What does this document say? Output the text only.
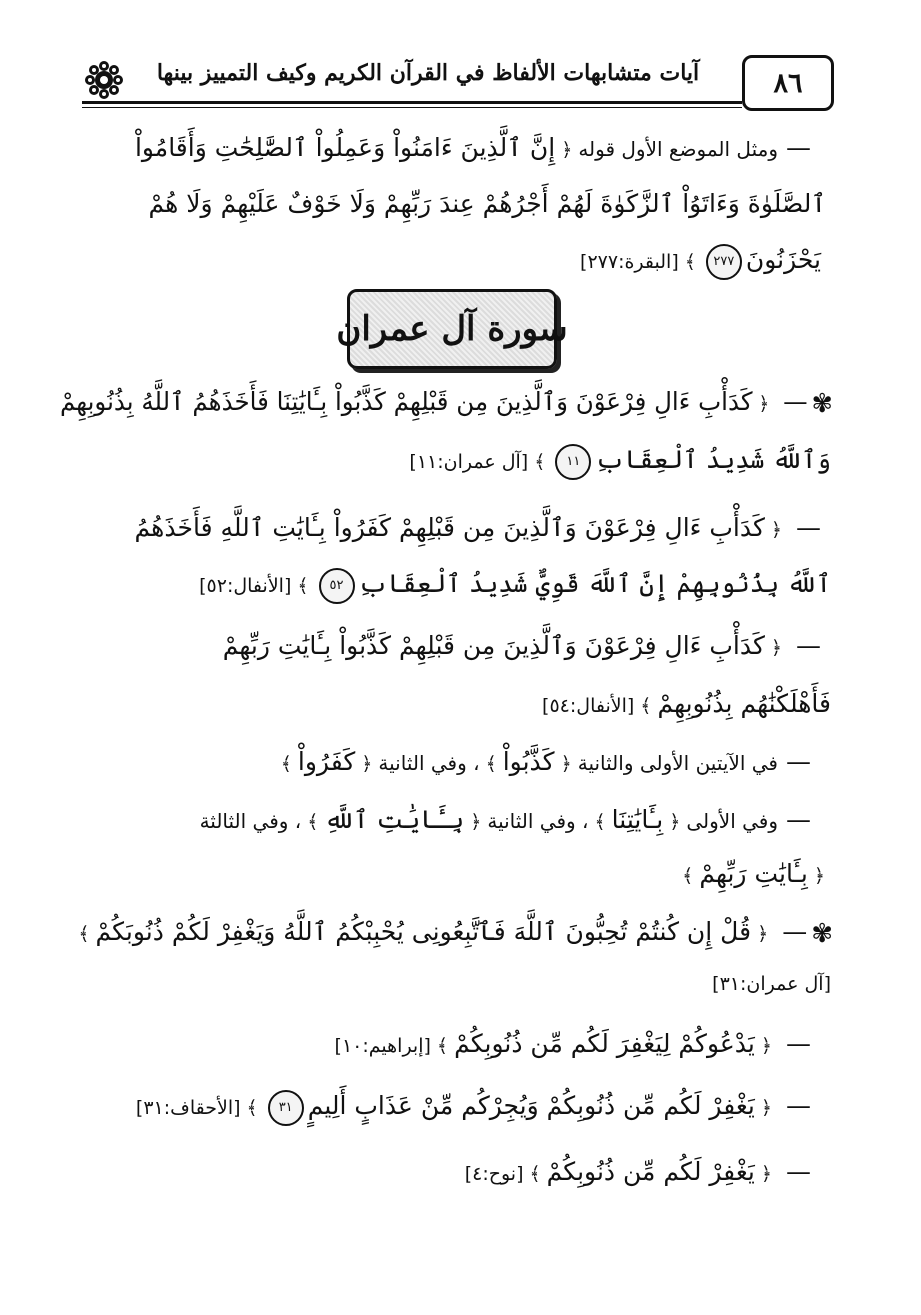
آيات متشابهات الألفاظ في القرآن الكريم وكيف التمييز بينها	٨٦
—ومثل الموضع الأول قوله﴿إِنَّ ٱلَّذِينَ ءَامَنُواْ وَعَمِلُواْ ٱلصَّٰلِحَٰتِ وَأَقَامُواْ
ٱلصَّلَوٰةَ وَءَاتَوُاْ ٱلزَّكَوٰةَ لَهُمْ أَجْرُهُمْ عِندَ رَبِّهِمْ وَلَا خَوْفٌ عَلَيْهِمْ وَلَا هُمْ
يَحْزَنُونَ٢٧٧﴾[البقرة:٢٧٧]
سورة آل عمران
✾—﴿كَدَأْبِ ءَالِ فِرْعَوْنَ وَٱلَّذِينَ مِن قَبْلِهِمْ كَذَّبُواْ بِـَٔايَٰتِنَا فَأَخَذَهُمُ ٱللَّهُ بِذُنُوبِهِمْ
وَٱللَّهُ شَدِيدُ ٱلْعِقَابِ١١﴾[آل عمران:١١]
—﴿كَدَأْبِ ءَالِ فِرْعَوْنَ وَٱلَّذِينَ مِن قَبْلِهِمْ كَفَرُواْ بِـَٔايَٰتِ ٱللَّهِ فَأَخَذَهُمُ
ٱللَّهُ بِذُنُوبِهِمْ إِنَّ ٱللَّهَ قَوِيٌّ شَدِيدُ ٱلْعِقَابِ٥٢﴾[الأنفال:٥٢]
—﴿كَدَأْبِ ءَالِ فِرْعَوْنَ وَٱلَّذِينَ مِن قَبْلِهِمْ كَذَّبُواْ بِـَٔايَٰتِ رَبِّهِمْ
فَأَهْلَكْنَٰهُم بِذُنُوبِهِمْ﴾[الأنفال:٥٤]
—في الآيتين الأولى والثانية﴿كَذَّبُواْ﴾، وفي الثانية﴿كَفَرُواْ﴾
—وفي الأولى﴿بِـَٔايَٰتِنَا﴾، وفي الثانية﴿بِـَٔايَٰتِ ٱللَّهِ﴾، وفي الثالثة
﴿بِـَٔايَٰتِ رَبِّهِمْ﴾
✾—﴿قُلْ إِن كُنتُمْ تُحِبُّونَ ٱللَّهَ فَٱتَّبِعُونِى يُحْبِبْكُمُ ٱللَّهُ وَيَغْفِرْ لَكُمْ ذُنُوبَكُمْ﴾
[آل عمران:٣١]
—﴿يَدْعُوكُمْ لِيَغْفِرَ لَكُم مِّن ذُنُوبِكُمْ﴾[إبراهيم:١٠]
—﴿يَغْفِرْ لَكُم مِّن ذُنُوبِكُمْ وَيُجِرْكُم مِّنْ عَذَابٍ أَلِيمٍ٣١﴾[الأحقاف:٣١]
—﴿يَغْفِرْ لَكُم مِّن ذُنُوبِكُمْ﴾[نوح:٤]
